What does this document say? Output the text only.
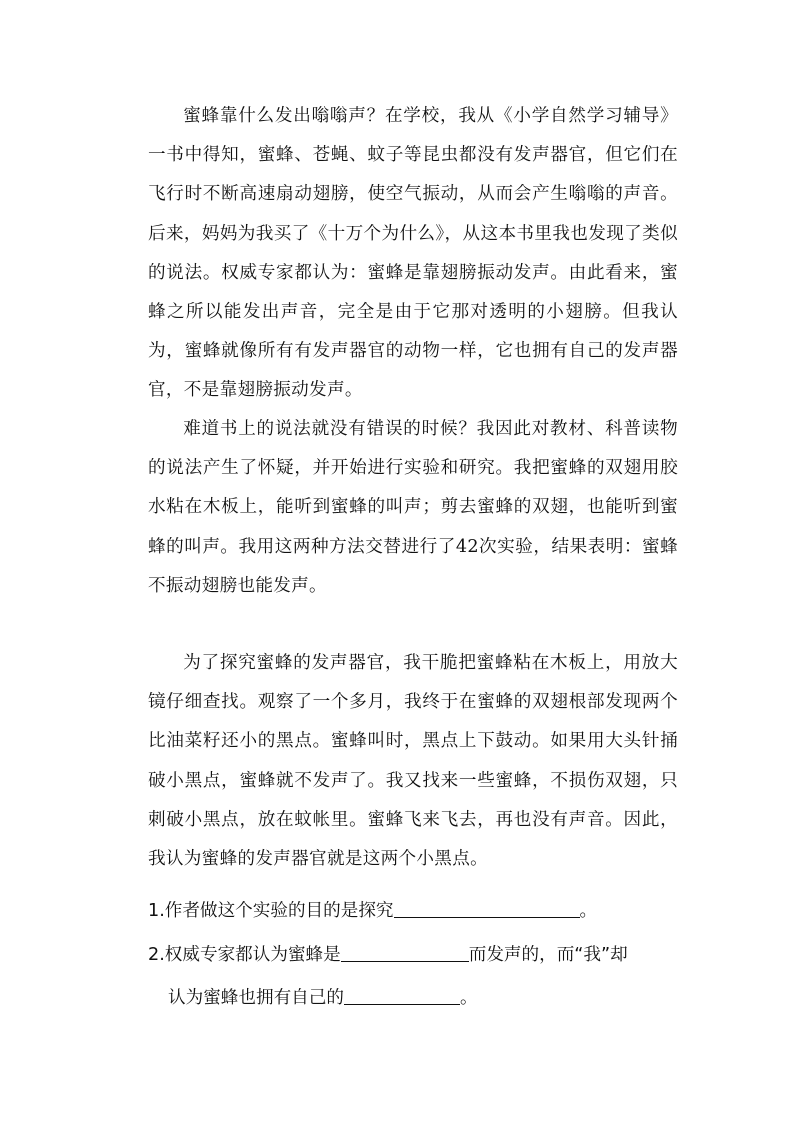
蜜蜂靠什么发出嗡嗡声？在学校，我从《小学自然学习辅导》一书中得知，蜜蜂、苍蝇、蚊子等昆虫都没有发声器官，但它们在飞行时不断高速扇动翅膀，使空气振动，从而会产生嗡嗡的声音。后来，妈妈为我买了《十万个为什么》，从这本书里我也发现了类似的说法。权威专家都认为：蜜蜂是靠翅膀振动发声。由此看来，蜜蜂之所以能发出声音，完全是由于它那对透明的小翅膀。但我认为，蜜蜂就像所有有发声器官的动物一样，它也拥有自己的发声器官，不是靠翅膀振动发声。

难道书上的说法就没有错误的时候？我因此对教材、科普读物的说法产生了怀疑，并开始进行实验和研究。我把蜜蜂的双翅用胶水粘在木板上，能听到蜜蜂的叫声；剪去蜜蜂的双翅，也能听到蜜蜂的叫声。我用这两种方法交替进行了42次实验，结果表明：蜜蜂不振动翅膀也能发声。

为了探究蜜蜂的发声器官，我干脆把蜜蜂粘在木板上，用放大镜仔细查找。观察了一个多月，我终于在蜜蜂的双翅根部发现两个比油菜籽还小的黑点。蜜蜂叫时，黑点上下鼓动。如果用大头针捅破小黑点，蜜蜂就不发声了。我又找来一些蜜蜂，不损伤双翅，只刺破小黑点，放在蚊帐里。蜜蜂飞来飞去，再也没有声音。因此，我认为蜜蜂的发声器官就是这两个小黑点。

1.作者做这个实验的目的是探究	。
2.权威专家都认为蜜蜂是	而发声的，而“我”却
认为蜜蜂也拥有自己的	。
